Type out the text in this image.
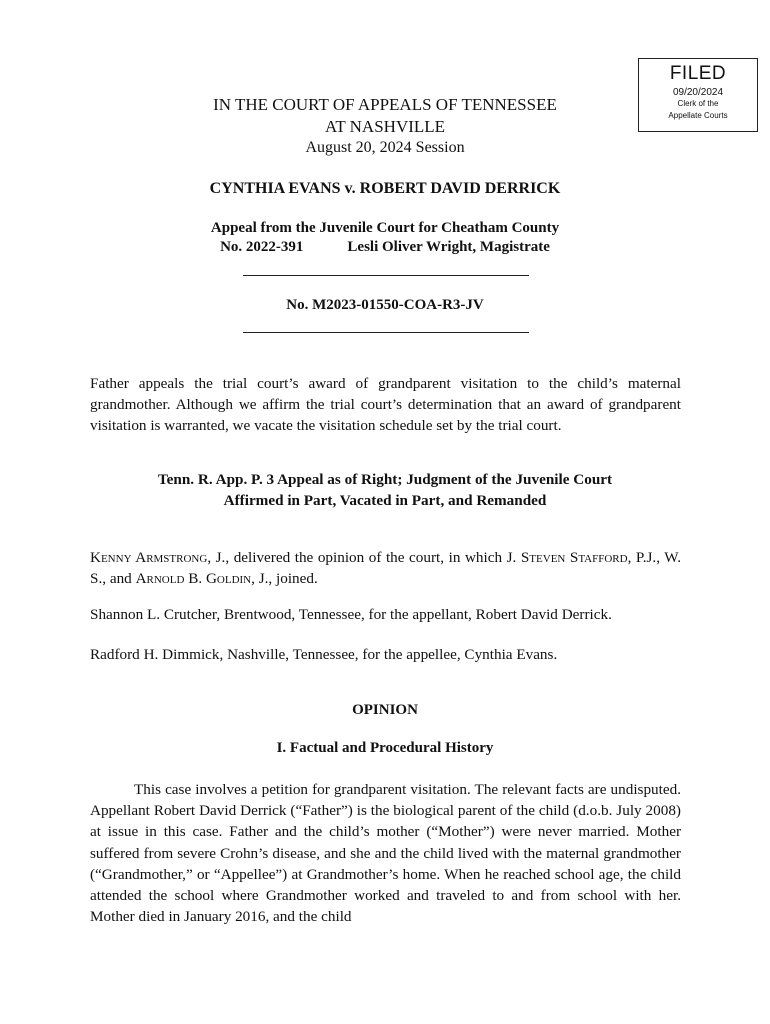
FILED
09/20/2024
Clerk of the
Appellate Courts
IN THE COURT OF APPEALS OF TENNESSEE
AT NASHVILLE
August 20, 2024 Session
CYNTHIA EVANS v. ROBERT DAVID DERRICK
Appeal from the Juvenile Court for Cheatham County
No. 2022-391	Lesli Oliver Wright, Magistrate
No. M2023-01550-COA-R3-JV
Father appeals the trial court’s award of grandparent visitation to the child’s maternal grandmother. Although we affirm the trial court’s determination that an award of grandparent visitation is warranted, we vacate the visitation schedule set by the trial court.
Tenn. R. App. P. 3 Appeal as of Right; Judgment of the Juvenile Court
Affirmed in Part, Vacated in Part, and Remanded
Kenny Armstrong, J., delivered the opinion of the court, in which J. Steven Stafford, P.J., W. S., and Arnold B. Goldin, J., joined.
Shannon L. Crutcher, Brentwood, Tennessee, for the appellant, Robert David Derrick.
Radford H. Dimmick, Nashville, Tennessee, for the appellee, Cynthia Evans.
OPINION
I. Factual and Procedural History
This case involves a petition for grandparent visitation. The relevant facts are undisputed. Appellant Robert David Derrick (“Father”) is the biological parent of the child (d.o.b. July 2008) at issue in this case. Father and the child’s mother (“Mother”) were never married. Mother suffered from severe Crohn’s disease, and she and the child lived with the maternal grandmother (“Grandmother,” or “Appellee”) at Grandmother’s home. When he reached school age, the child attended the school where Grandmother worked and traveled to and from school with her. Mother died in January 2016, and the child
